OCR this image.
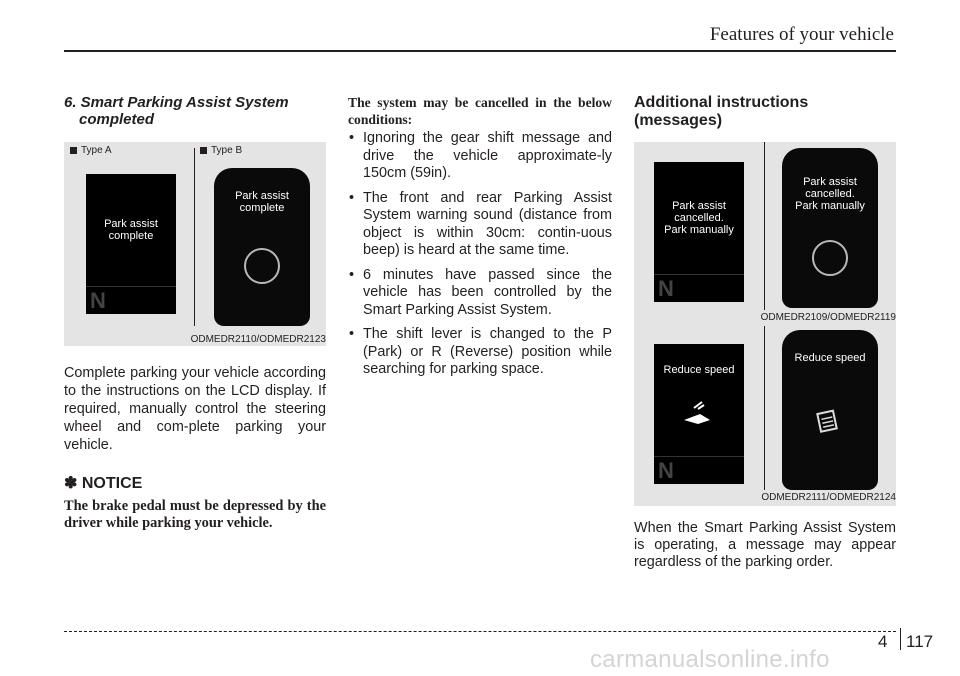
Features of your vehicle
6. Smart Parking Assist System
completed
Type A	Type B
Park assist
complete
N
Park assist
complete
ODMEDR2110/ODMEDR2123
Complete parking your vehicle according to the instructions on the LCD display. If required, manually control the steering wheel and com-plete parking your vehicle.
✽ NOTICE
The brake pedal must be depressed by the driver while parking your vehicle.
The system may be cancelled in the below conditions:
• Ignoring the gear shift message and drive the vehicle approximate-ly 150cm (59in).
• The front and rear Parking Assist System warning sound (distance from object is within 30cm: contin-uous beep) is heard at the same time.
• 6 minutes have passed since the vehicle has been controlled by the Smart Parking Assist System.
• The shift lever is changed to the P (Park) or R (Reverse) position while searching for parking space.
Additional instructions
(messages)
Park assist
cancelled.
Park manually
N
Park assist
cancelled.
Park manually
ODMEDR2109/ODMEDR2119
Reduce speed
N
Reduce speed
ODMEDR2111/ODMEDR2124
When the Smart Parking Assist System is operating, a message may appear regardless of the parking order.
4 117
carmanualsonline.info
